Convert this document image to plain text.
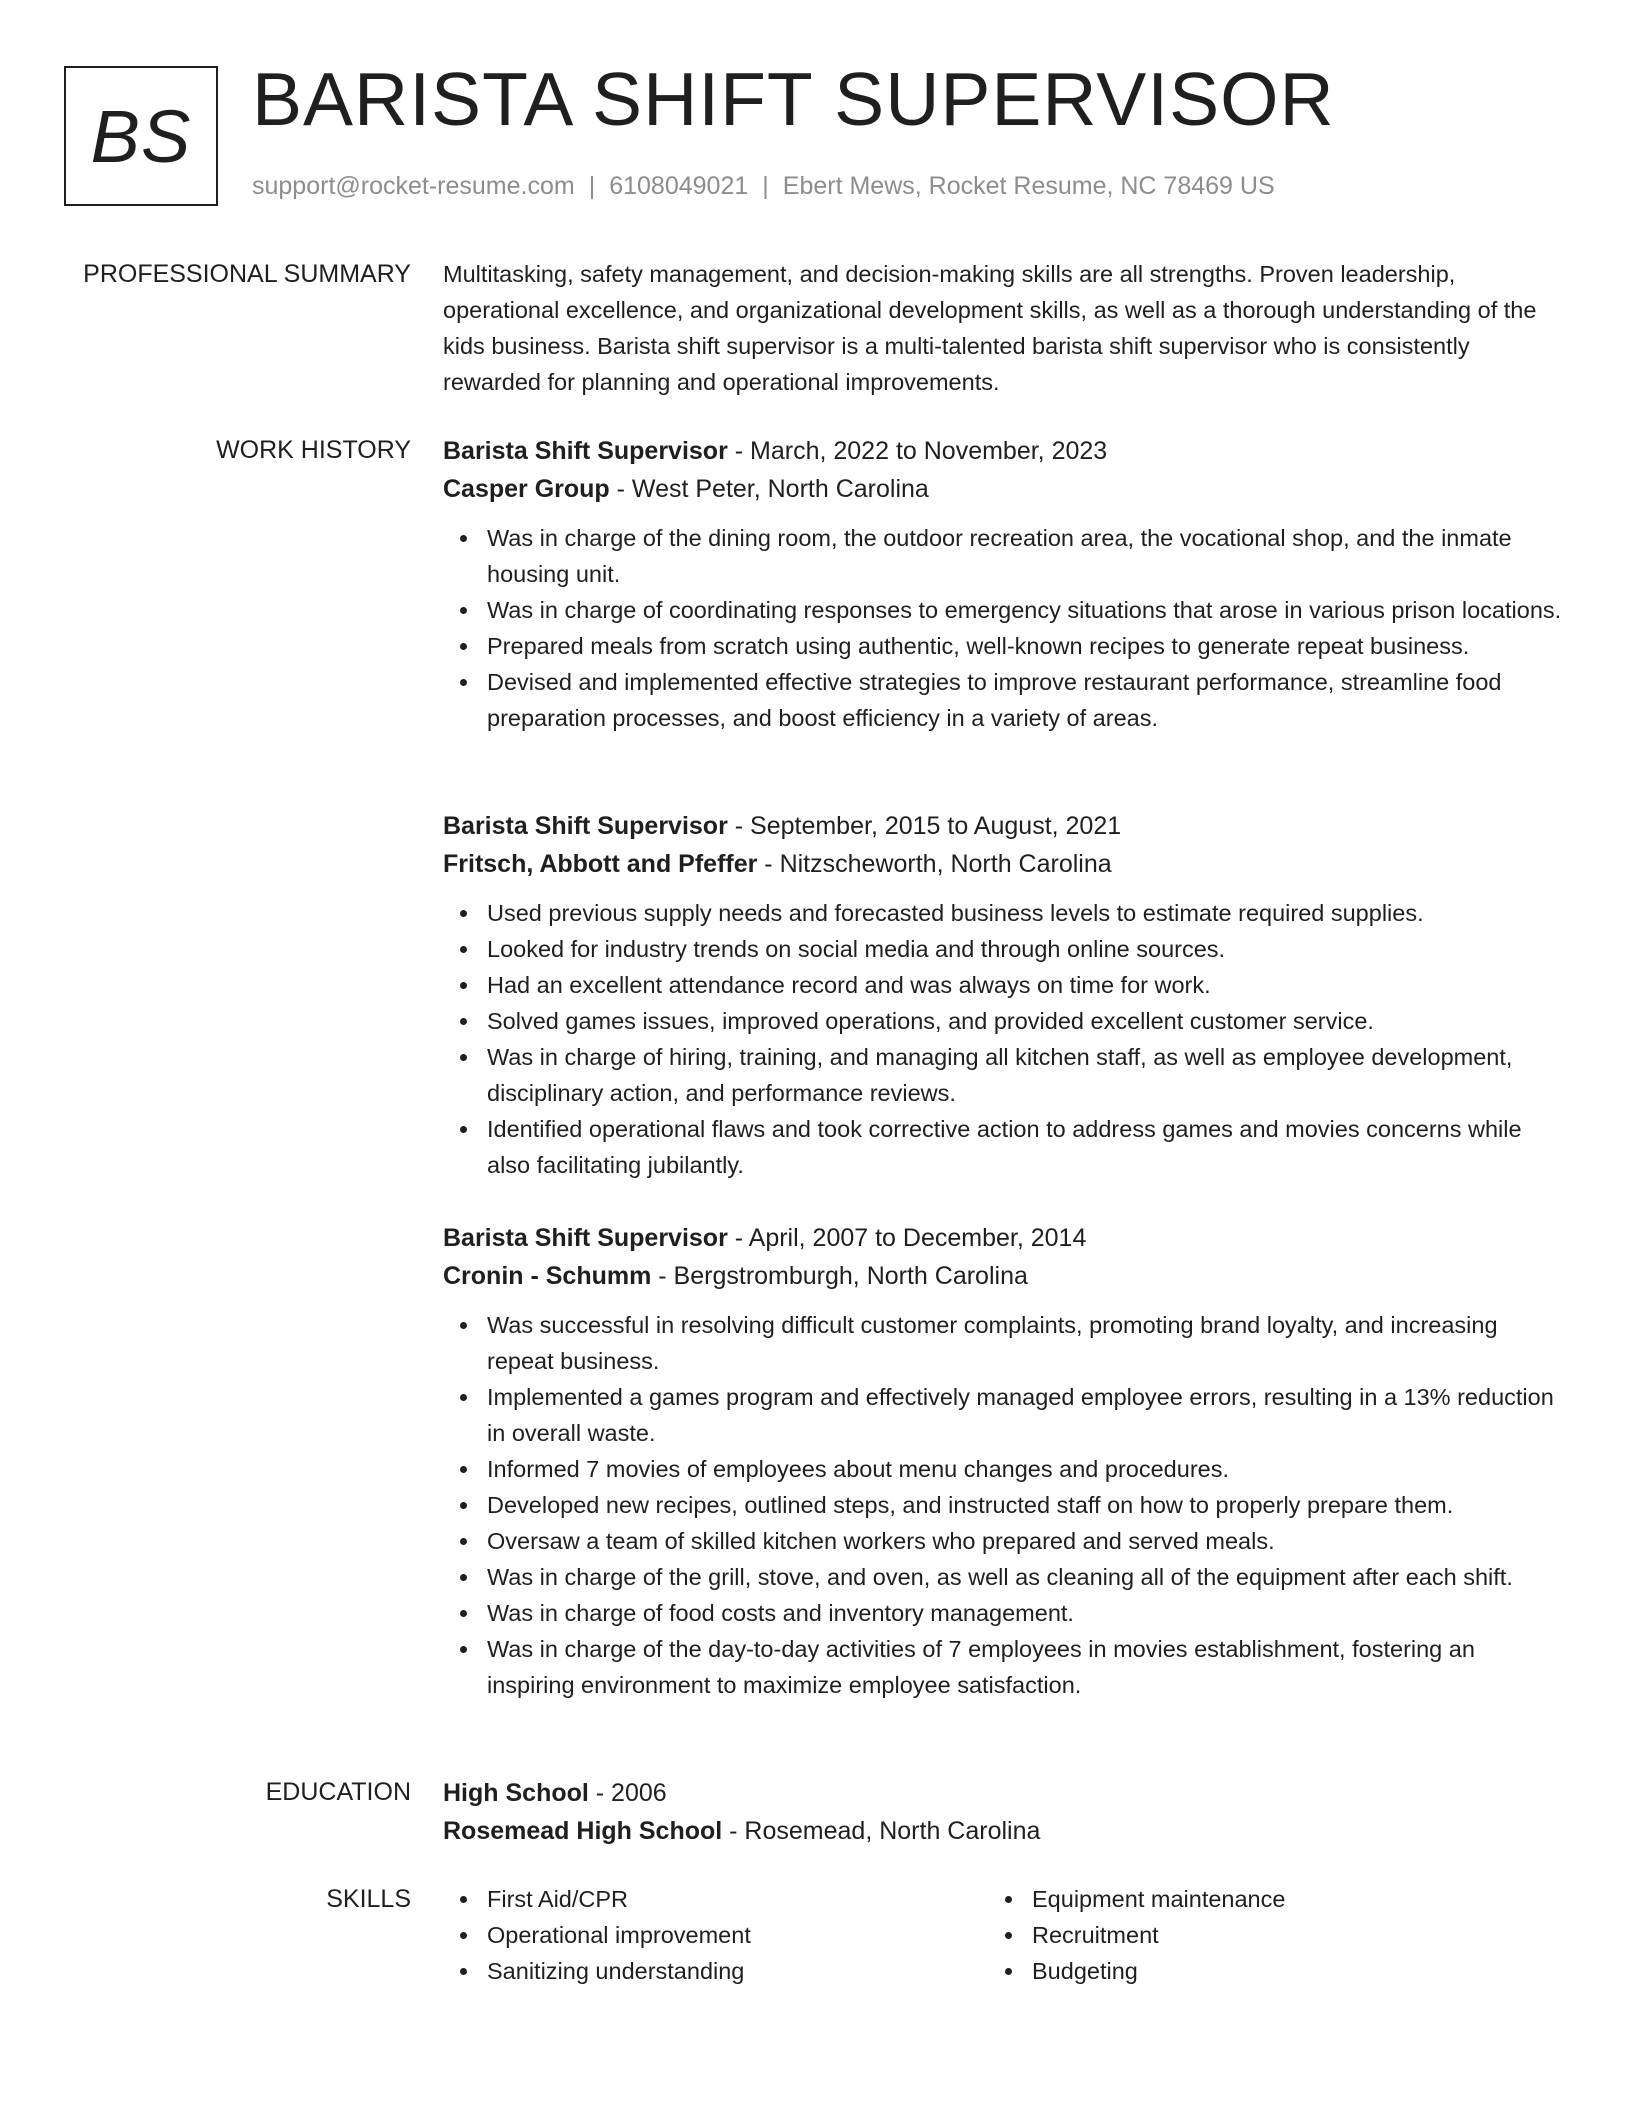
BS BARISTA SHIFT SUPERVISOR
support@rocket-resume.com | 6108049021 | Ebert Mews, Rocket Resume, NC 78469 US
PROFESSIONAL SUMMARY Multitasking, safety management, and decision-making skills are all strengths. Proven leadership, operational excellence, and organizational development skills, as well as a thorough understanding of the kids business. Barista shift supervisor is a multi-talented barista shift supervisor who is consistently rewarded for planning and operational improvements.

WORK HISTORY Barista Shift Supervisor - March, 2022 to November, 2023
Casper Group - West Peter, North Carolina
Was in charge of the dining room, the outdoor recreation area, the vocational shop, and the inmate housing unit.
Was in charge of coordinating responses to emergency situations that arose in various prison locations.
Prepared meals from scratch using authentic, well-known recipes to generate repeat business.
Devised and implemented effective strategies to improve restaurant performance, streamline food preparation processes, and boost efficiency in a variety of areas.
Barista Shift Supervisor - September, 2015 to August, 2021
Fritsch, Abbott and Pfeffer - Nitzscheworth, North Carolina
Used previous supply needs and forecasted business levels to estimate required supplies.
Looked for industry trends on social media and through online sources.
Had an excellent attendance record and was always on time for work.
Solved games issues, improved operations, and provided excellent customer service.
Was in charge of hiring, training, and managing all kitchen staff, as well as employee development, disciplinary action, and performance reviews.
Identified operational flaws and took corrective action to address games and movies concerns while also facilitating jubilantly.
Barista Shift Supervisor - April, 2007 to December, 2014
Cronin - Schumm - Bergstromburgh, North Carolina
Was successful in resolving difficult customer complaints, promoting brand loyalty, and increasing repeat business.
Implemented a games program and effectively managed employee errors, resulting in a 13% reduction in overall waste.
Informed 7 movies of employees about menu changes and procedures.
Developed new recipes, outlined steps, and instructed staff on how to properly prepare them.
Oversaw a team of skilled kitchen workers who prepared and served meals.
Was in charge of the grill, stove, and oven, as well as cleaning all of the equipment after each shift.
Was in charge of food costs and inventory management.
Was in charge of the day-to-day activities of 7 employees in movies establishment, fostering an inspiring environment to maximize employee satisfaction.
EDUCATION High School - 2006
Rosemead High School - Rosemead, North Carolina
SKILLS	First Aid/CPR
Operational improvement
Sanitizing understanding
Equipment maintenance
Recruitment
Budgeting
